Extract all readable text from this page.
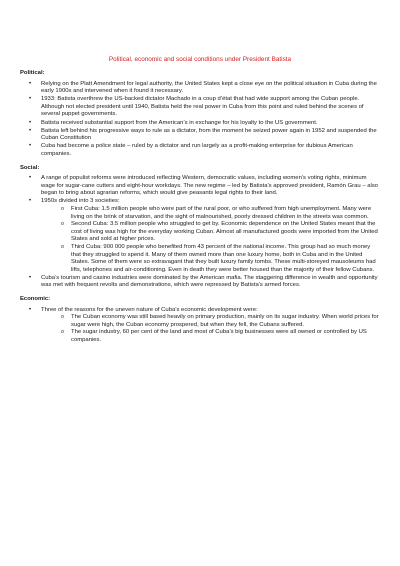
Political, economic and social conditions under President Batista
Political:
• Relying on the Platt Amendment for legal authority, the United States kept a close eye on the political situation in Cuba during the early 1900s and intervened when it found it necessary.
• 1933: Batista overthrew the US-backed dictator Machado in a coup d’état that had wide support among the Cuban people. Although not elected president until 1940, Batista held the real power in Cuba from this point and ruled behind the scenes of several puppet governments.
• Batista received substantial support from the American’s in exchange for his loyalty to the US government.
• Batista left behind his progressive ways to rule as a dictator, from the moment he seized power again in 1952 and suspended the Cuban Constitution
• Cuba had become a police state – ruled by a dictator and run largely as a profit-making enterprise for dubious American companies.
Social:
• A range of populist reforms were introduced reflecting Western, democratic values, including women’s voting rights, minimum wage for sugar-cane cutters and eight-hour workdays. The new regime – led by Batista’s approved president, Ramón Grau – also began to bring about agrarian reforms, which would give peasants legal rights to their land.
• 1950s divided into 3 societies:
o First Cuba: 1.5 million people who were part of the rural poor, or who suffered from high unemployment. Many were living on the brink of starvation, and the sight of malnourished, poorly dressed children in the streets was common.
o Second Cuba: 3.5 million people who struggled to get by. Economic dependence on the United States meant that the cost of living was high for the everyday working Cuban. Almost all manufactured goods were imported from the United States and sold at higher prices.
o Third Cuba: 900 000 people who benefited from 43 percent of the national income. This group had so much money that they struggled to spend it. Many of them owned more than one luxury home, both in Cuba and in the United States. Some of them were so extravagant that they built luxury family tombs. These multi-storeyed mausoleums had lifts, telephones and air-conditioning. Even in death they were better housed than the majority of their fellow Cubans.
• Cuba’s tourism and casino industries were dominated by the American mafia. The staggering difference in wealth and opportunity was met with frequent revolts and demonstrations, which were repressed by Batista’s armed forces.
Economic:
• Three of the reasons for the uneven nature of Cuba’s economic development were:
o The Cuban economy was still based heavily on primary production, mainly on its sugar industry. When world prices for sugar were high, the Cuban economy prospered, but when they fell, the Cubans suffered.
o The sugar industry, 60 per cent of the land and most of Cuba’s big businesses were all owned or controlled by US companies.
